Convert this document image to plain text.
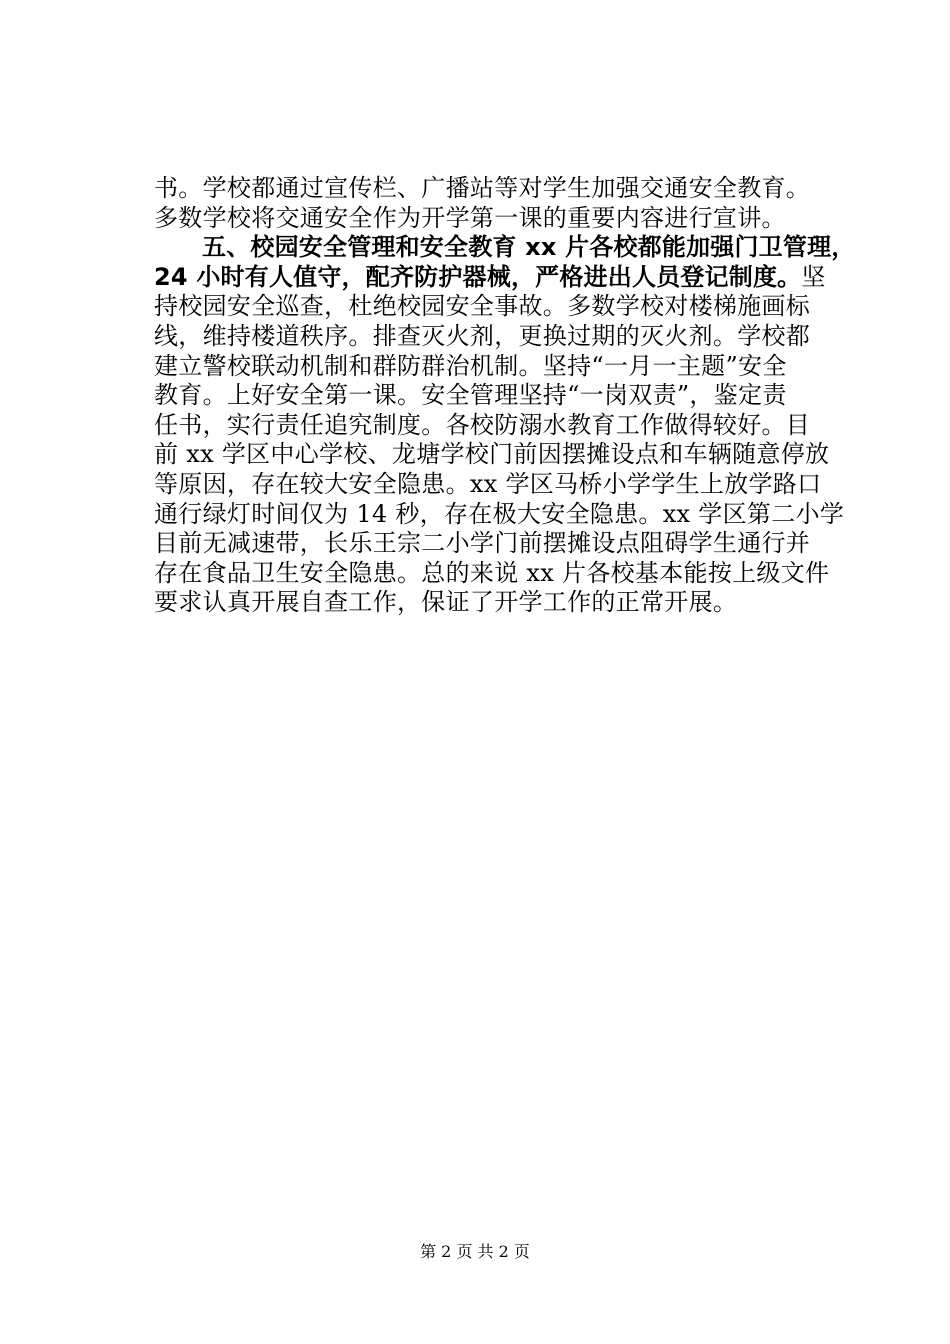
书。学校都通过宣传栏、广播站等对学生加强交通安全教育。
多数学校将交通安全作为开学第一课的重要内容进行宣讲。
五、校园安全管理和安全教育 xx 片各校都能加强门卫管理，
24 小时有人值守，配齐防护器械，严格进出人员登记制度。坚
持校园安全巡查，杜绝校园安全事故。多数学校对楼梯施画标
线，维持楼道秩序。排查灭火剂，更换过期的灭火剂。学校都
建立警校联动机制和群防群治机制。坚持“一月一主题”安全
教育。上好安全第一课。安全管理坚持“一岗双责”，鉴定责
任书，实行责任追究制度。各校防溺水教育工作做得较好。目
前 xx 学区中心学校、龙塘学校门前因摆摊设点和车辆随意停放
等原因，存在较大安全隐患。xx 学区马桥小学学生上放学路口
通行绿灯时间仅为 14 秒，存在极大安全隐患。xx 学区第二小学
目前无减速带，长乐王宗二小学门前摆摊设点阻碍学生通行并
存在食品卫生安全隐患。总的来说 xx 片各校基本能按上级文件
要求认真开展自查工作，保证了开学工作的正常开展。
第 2 页 共 2 页
